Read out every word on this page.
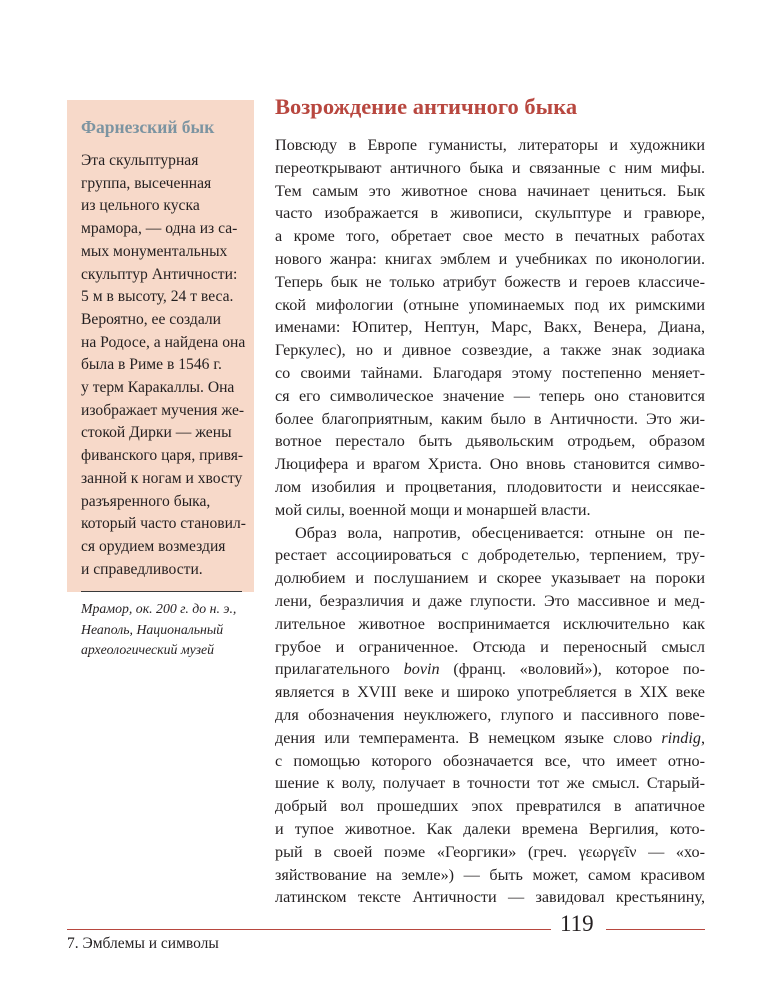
Фарнезский бык
Эта скульптурная
группа, высеченная
из цельного куска
мрамора, — одна из са-
мых монументальных
скульптур Античности:
5 м в высоту, 24 т веса.
Вероятно, ее создали
на Родосе, а найдена она
была в Риме в 1546 г.
у терм Каракаллы. Она
изображает мучения же-
стокой Дирки — жены
фиванского царя, привя-
занной к ногам и хвосту
разъяренного быка,
который часто становил-
ся орудием возмездия
и справедливости.
Мрамор, ок. 200 г. до н. э.,
Неаполь, Национальный
археологический музей
Возрождение античного быка
Повсюду в Европе гуманисты, литераторы и художники
переоткрывают античного быка и связанные с ним мифы.
Тем самым это животное снова начинает цениться. Бык
часто изображается в живописи, скульптуре и гравюре,
а кроме того, обретает свое место в печатных работах
нового жанра: книгах эмблем и учебниках по иконологии.
Теперь бык не только атрибут божеств и героев классиче-
ской мифологии (отныне упоминаемых под их римскими
именами: Юпитер, Нептун, Марс, Вакх, Венера, Диана,
Геркулес), но и дивное созвездие, а также знак зодиака
со своими тайнами. Благодаря этому постепенно меняет-
ся его символическое значение — теперь оно становится
более благоприятным, каким было в Античности. Это жи-
вотное перестало быть дьявольским отродьем, образом
Люцифера и врагом Христа. Оно вновь становится симво-
лом изобилия и процветания, плодовитости и неиссякае-
мой силы, военной мощи и монаршей власти.
Образ вола, напротив, обесценивается: отныне он пе-
рестает ассоциироваться с добродетелью, терпением, тру-
долюбием и послушанием и скорее указывает на пороки
лени, безразличия и даже глупости. Это массивное и мед-
лительное животное воспринимается исключительно как
грубое и ограниченное. Отсюда и переносный смысл
прилагательного bovin (франц. «воловий»), которое по-
является в XVIII веке и широко употребляется в XIX веке
для обозначения неуклюжего, глупого и пассивного пове-
дения или темперамента. В немецком языке слово rindig,
с помощью которого обозначается все, что имеет отно-
шение к волу, получает в точности тот же смысл. Старый-
добрый вол прошедших эпох превратился в апатичное
и тупое животное. Как далеки времена Вергилия, кото-
рый в своей поэме «Георгики» (греч. γεωργεῖν — «хо-
зяйствование на земле») — быть может, самом красивом
латинском тексте Античности — завидовал крестьянину,
119
7. Эмблемы и символы
